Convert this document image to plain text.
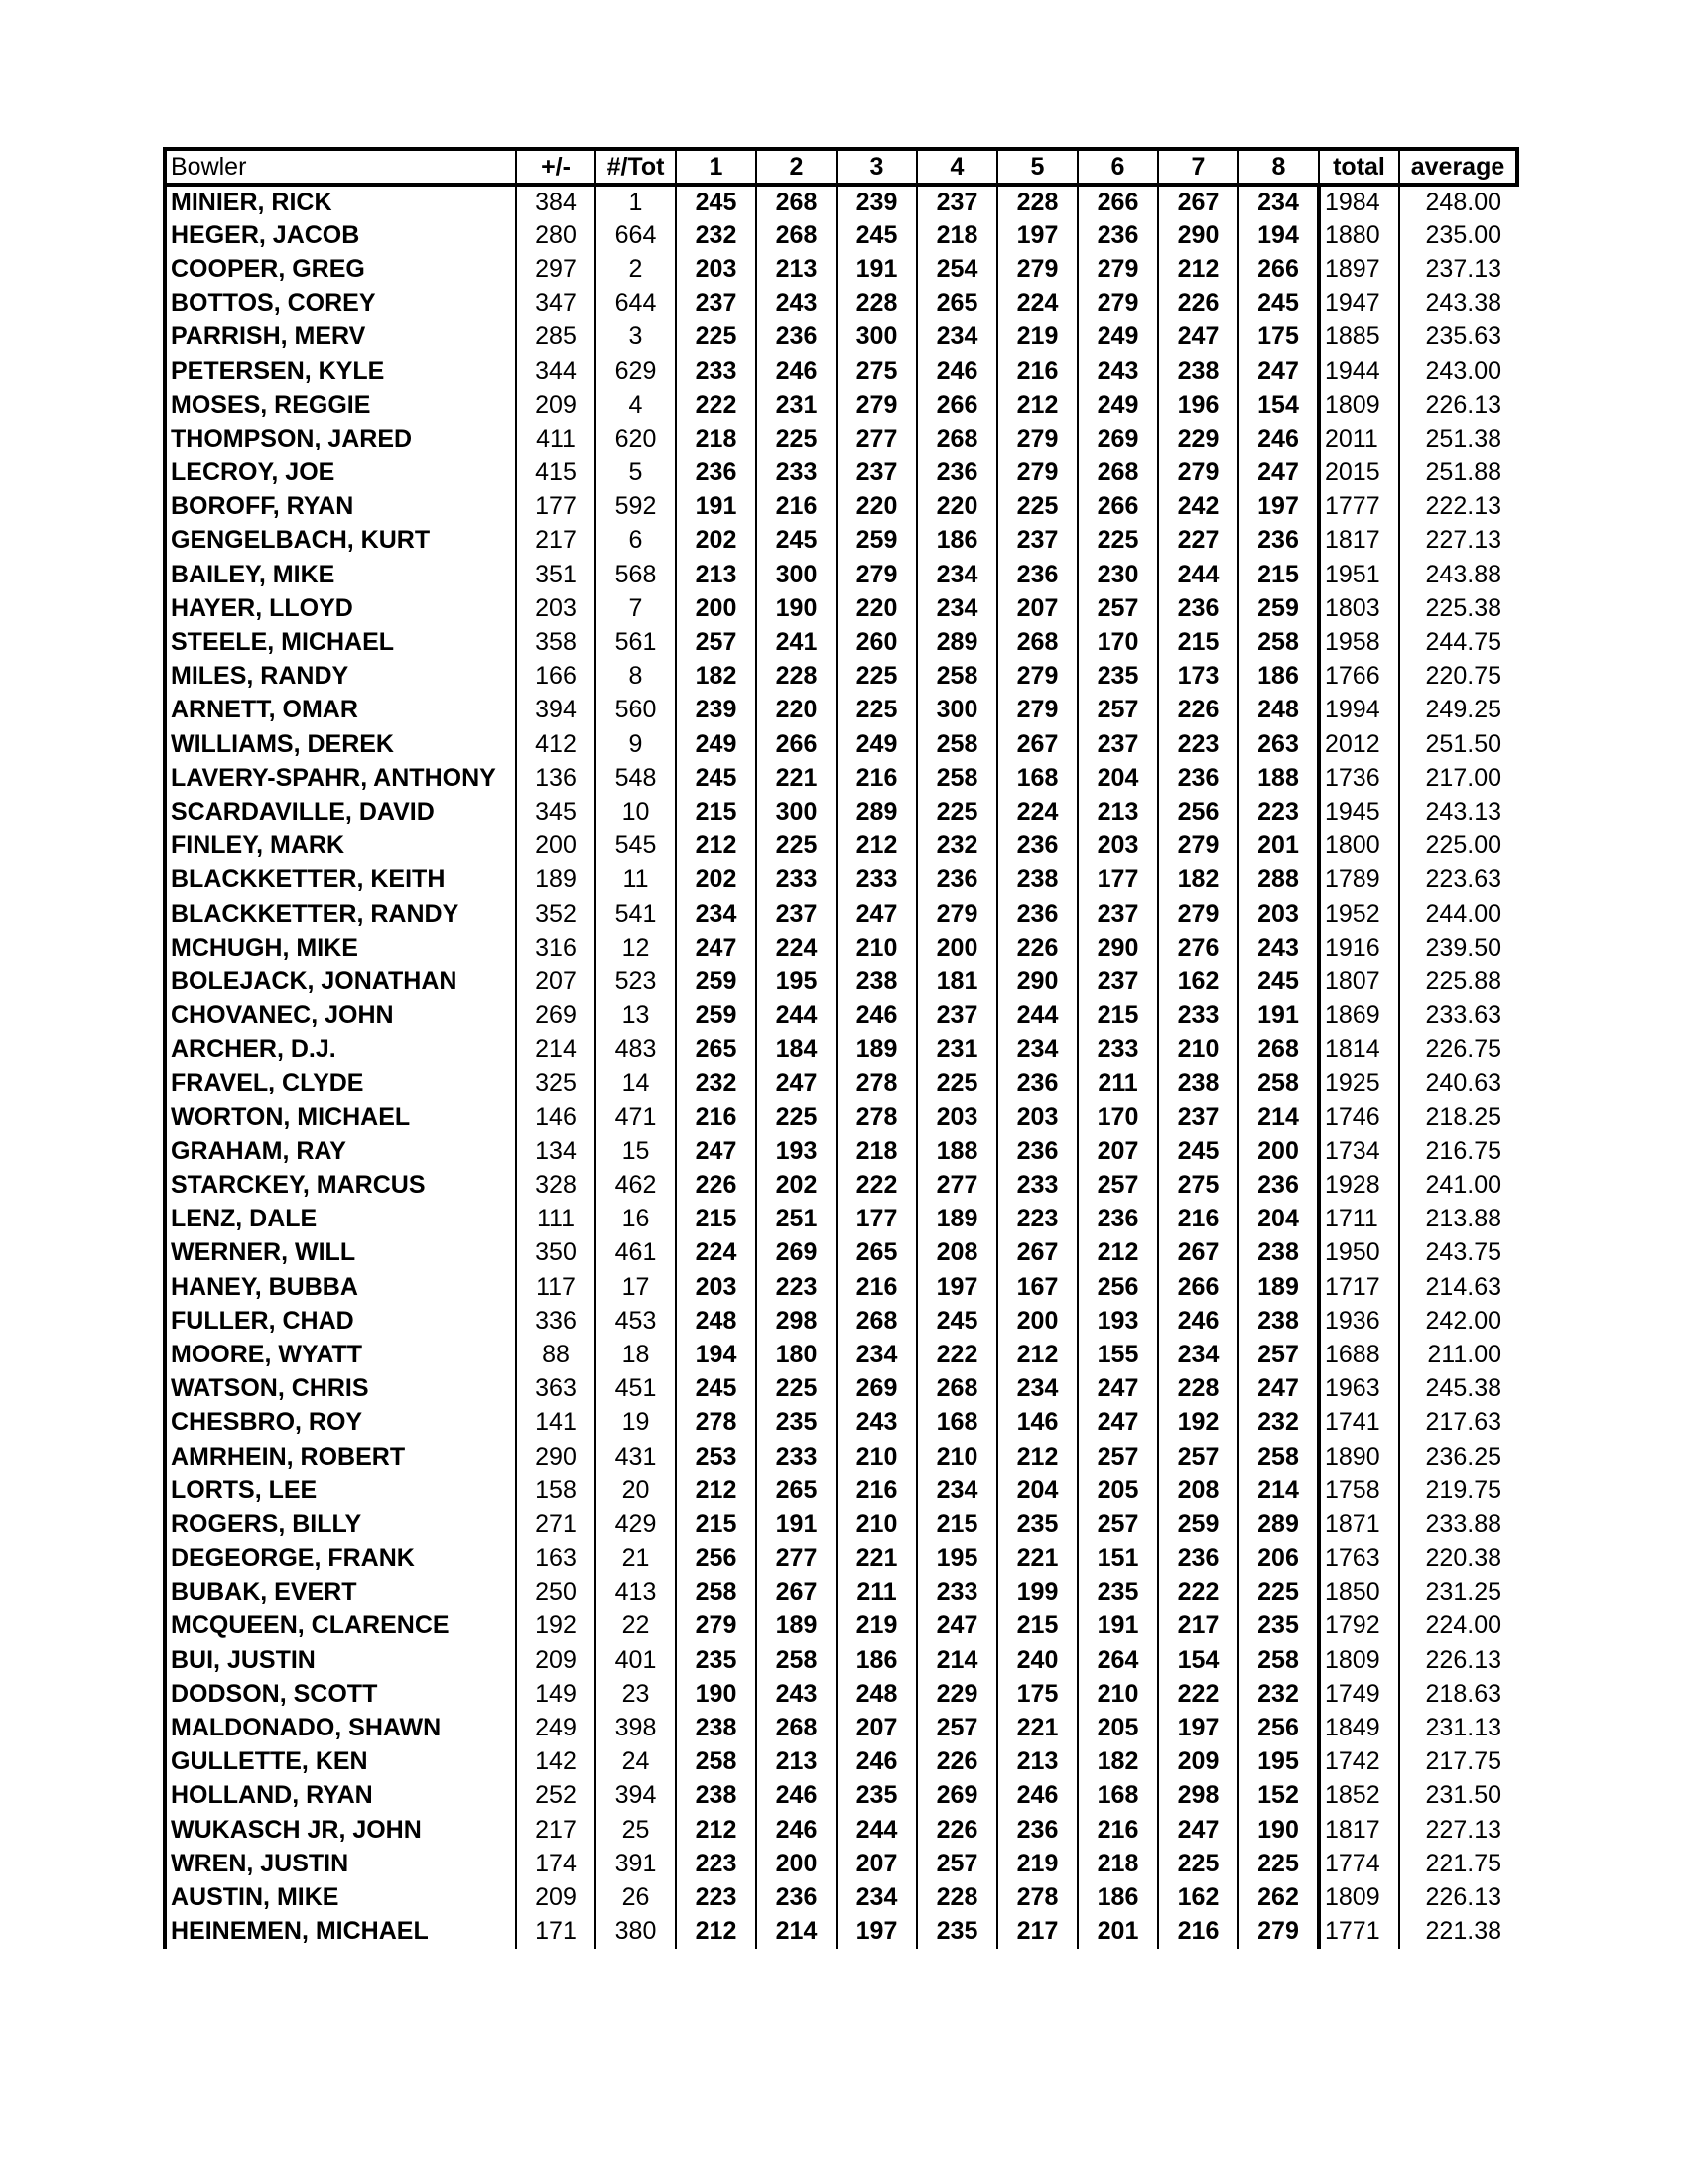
Bowler	+/-	#/Tot	1	2	3	4	5	6	7	8	total	average
MINIER, RICK	384	1	245	268	239	237	228	266	267	234	1984	248.00
HEGER, JACOB	280	664	232	268	245	218	197	236	290	194	1880	235.00
COOPER, GREG	297	2	203	213	191	254	279	279	212	266	1897	237.13
BOTTOS, COREY	347	644	237	243	228	265	224	279	226	245	1947	243.38
PARRISH, MERV	285	3	225	236	300	234	219	249	247	175	1885	235.63
PETERSEN, KYLE	344	629	233	246	275	246	216	243	238	247	1944	243.00
MOSES, REGGIE	209	4	222	231	279	266	212	249	196	154	1809	226.13
THOMPSON, JARED	411	620	218	225	277	268	279	269	229	246	2011	251.38
LECROY, JOE	415	5	236	233	237	236	279	268	279	247	2015	251.88
BOROFF, RYAN	177	592	191	216	220	220	225	266	242	197	1777	222.13
GENGELBACH, KURT	217	6	202	245	259	186	237	225	227	236	1817	227.13
BAILEY, MIKE	351	568	213	300	279	234	236	230	244	215	1951	243.88
HAYER, LLOYD	203	7	200	190	220	234	207	257	236	259	1803	225.38
STEELE, MICHAEL	358	561	257	241	260	289	268	170	215	258	1958	244.75
MILES, RANDY	166	8	182	228	225	258	279	235	173	186	1766	220.75
ARNETT, OMAR	394	560	239	220	225	300	279	257	226	248	1994	249.25
WILLIAMS, DEREK	412	9	249	266	249	258	267	237	223	263	2012	251.50
LAVERY-SPAHR, ANTHONY	136	548	245	221	216	258	168	204	236	188	1736	217.00
SCARDAVILLE, DAVID	345	10	215	300	289	225	224	213	256	223	1945	243.13
FINLEY, MARK	200	545	212	225	212	232	236	203	279	201	1800	225.00
BLACKKETTER, KEITH	189	11	202	233	233	236	238	177	182	288	1789	223.63
BLACKKETTER, RANDY	352	541	234	237	247	279	236	237	279	203	1952	244.00
MCHUGH, MIKE	316	12	247	224	210	200	226	290	276	243	1916	239.50
BOLEJACK, JONATHAN	207	523	259	195	238	181	290	237	162	245	1807	225.88
CHOVANEC, JOHN	269	13	259	244	246	237	244	215	233	191	1869	233.63
ARCHER, D.J.	214	483	265	184	189	231	234	233	210	268	1814	226.75
FRAVEL, CLYDE	325	14	232	247	278	225	236	211	238	258	1925	240.63
WORTON, MICHAEL	146	471	216	225	278	203	203	170	237	214	1746	218.25
GRAHAM, RAY	134	15	247	193	218	188	236	207	245	200	1734	216.75
STARCKEY, MARCUS	328	462	226	202	222	277	233	257	275	236	1928	241.00
LENZ, DALE	111	16	215	251	177	189	223	236	216	204	1711	213.88
WERNER, WILL	350	461	224	269	265	208	267	212	267	238	1950	243.75
HANEY, BUBBA	117	17	203	223	216	197	167	256	266	189	1717	214.63
FULLER, CHAD	336	453	248	298	268	245	200	193	246	238	1936	242.00
MOORE, WYATT	88	18	194	180	234	222	212	155	234	257	1688	211.00
WATSON, CHRIS	363	451	245	225	269	268	234	247	228	247	1963	245.38
CHESBRO, ROY	141	19	278	235	243	168	146	247	192	232	1741	217.63
AMRHEIN, ROBERT	290	431	253	233	210	210	212	257	257	258	1890	236.25
LORTS, LEE	158	20	212	265	216	234	204	205	208	214	1758	219.75
ROGERS, BILLY	271	429	215	191	210	215	235	257	259	289	1871	233.88
DEGEORGE, FRANK	163	21	256	277	221	195	221	151	236	206	1763	220.38
BUBAK, EVERT	250	413	258	267	211	233	199	235	222	225	1850	231.25
MCQUEEN, CLARENCE	192	22	279	189	219	247	215	191	217	235	1792	224.00
BUI, JUSTIN	209	401	235	258	186	214	240	264	154	258	1809	226.13
DODSON, SCOTT	149	23	190	243	248	229	175	210	222	232	1749	218.63
MALDONADO, SHAWN	249	398	238	268	207	257	221	205	197	256	1849	231.13
GULLETTE, KEN	142	24	258	213	246	226	213	182	209	195	1742	217.75
HOLLAND, RYAN	252	394	238	246	235	269	246	168	298	152	1852	231.50
WUKASCH JR, JOHN	217	25	212	246	244	226	236	216	247	190	1817	227.13
WREN, JUSTIN	174	391	223	200	207	257	219	218	225	225	1774	221.75
AUSTIN, MIKE	209	26	223	236	234	228	278	186	162	262	1809	226.13
HEINEMEN, MICHAEL	171	380	212	214	197	235	217	201	216	279	1771	221.38
